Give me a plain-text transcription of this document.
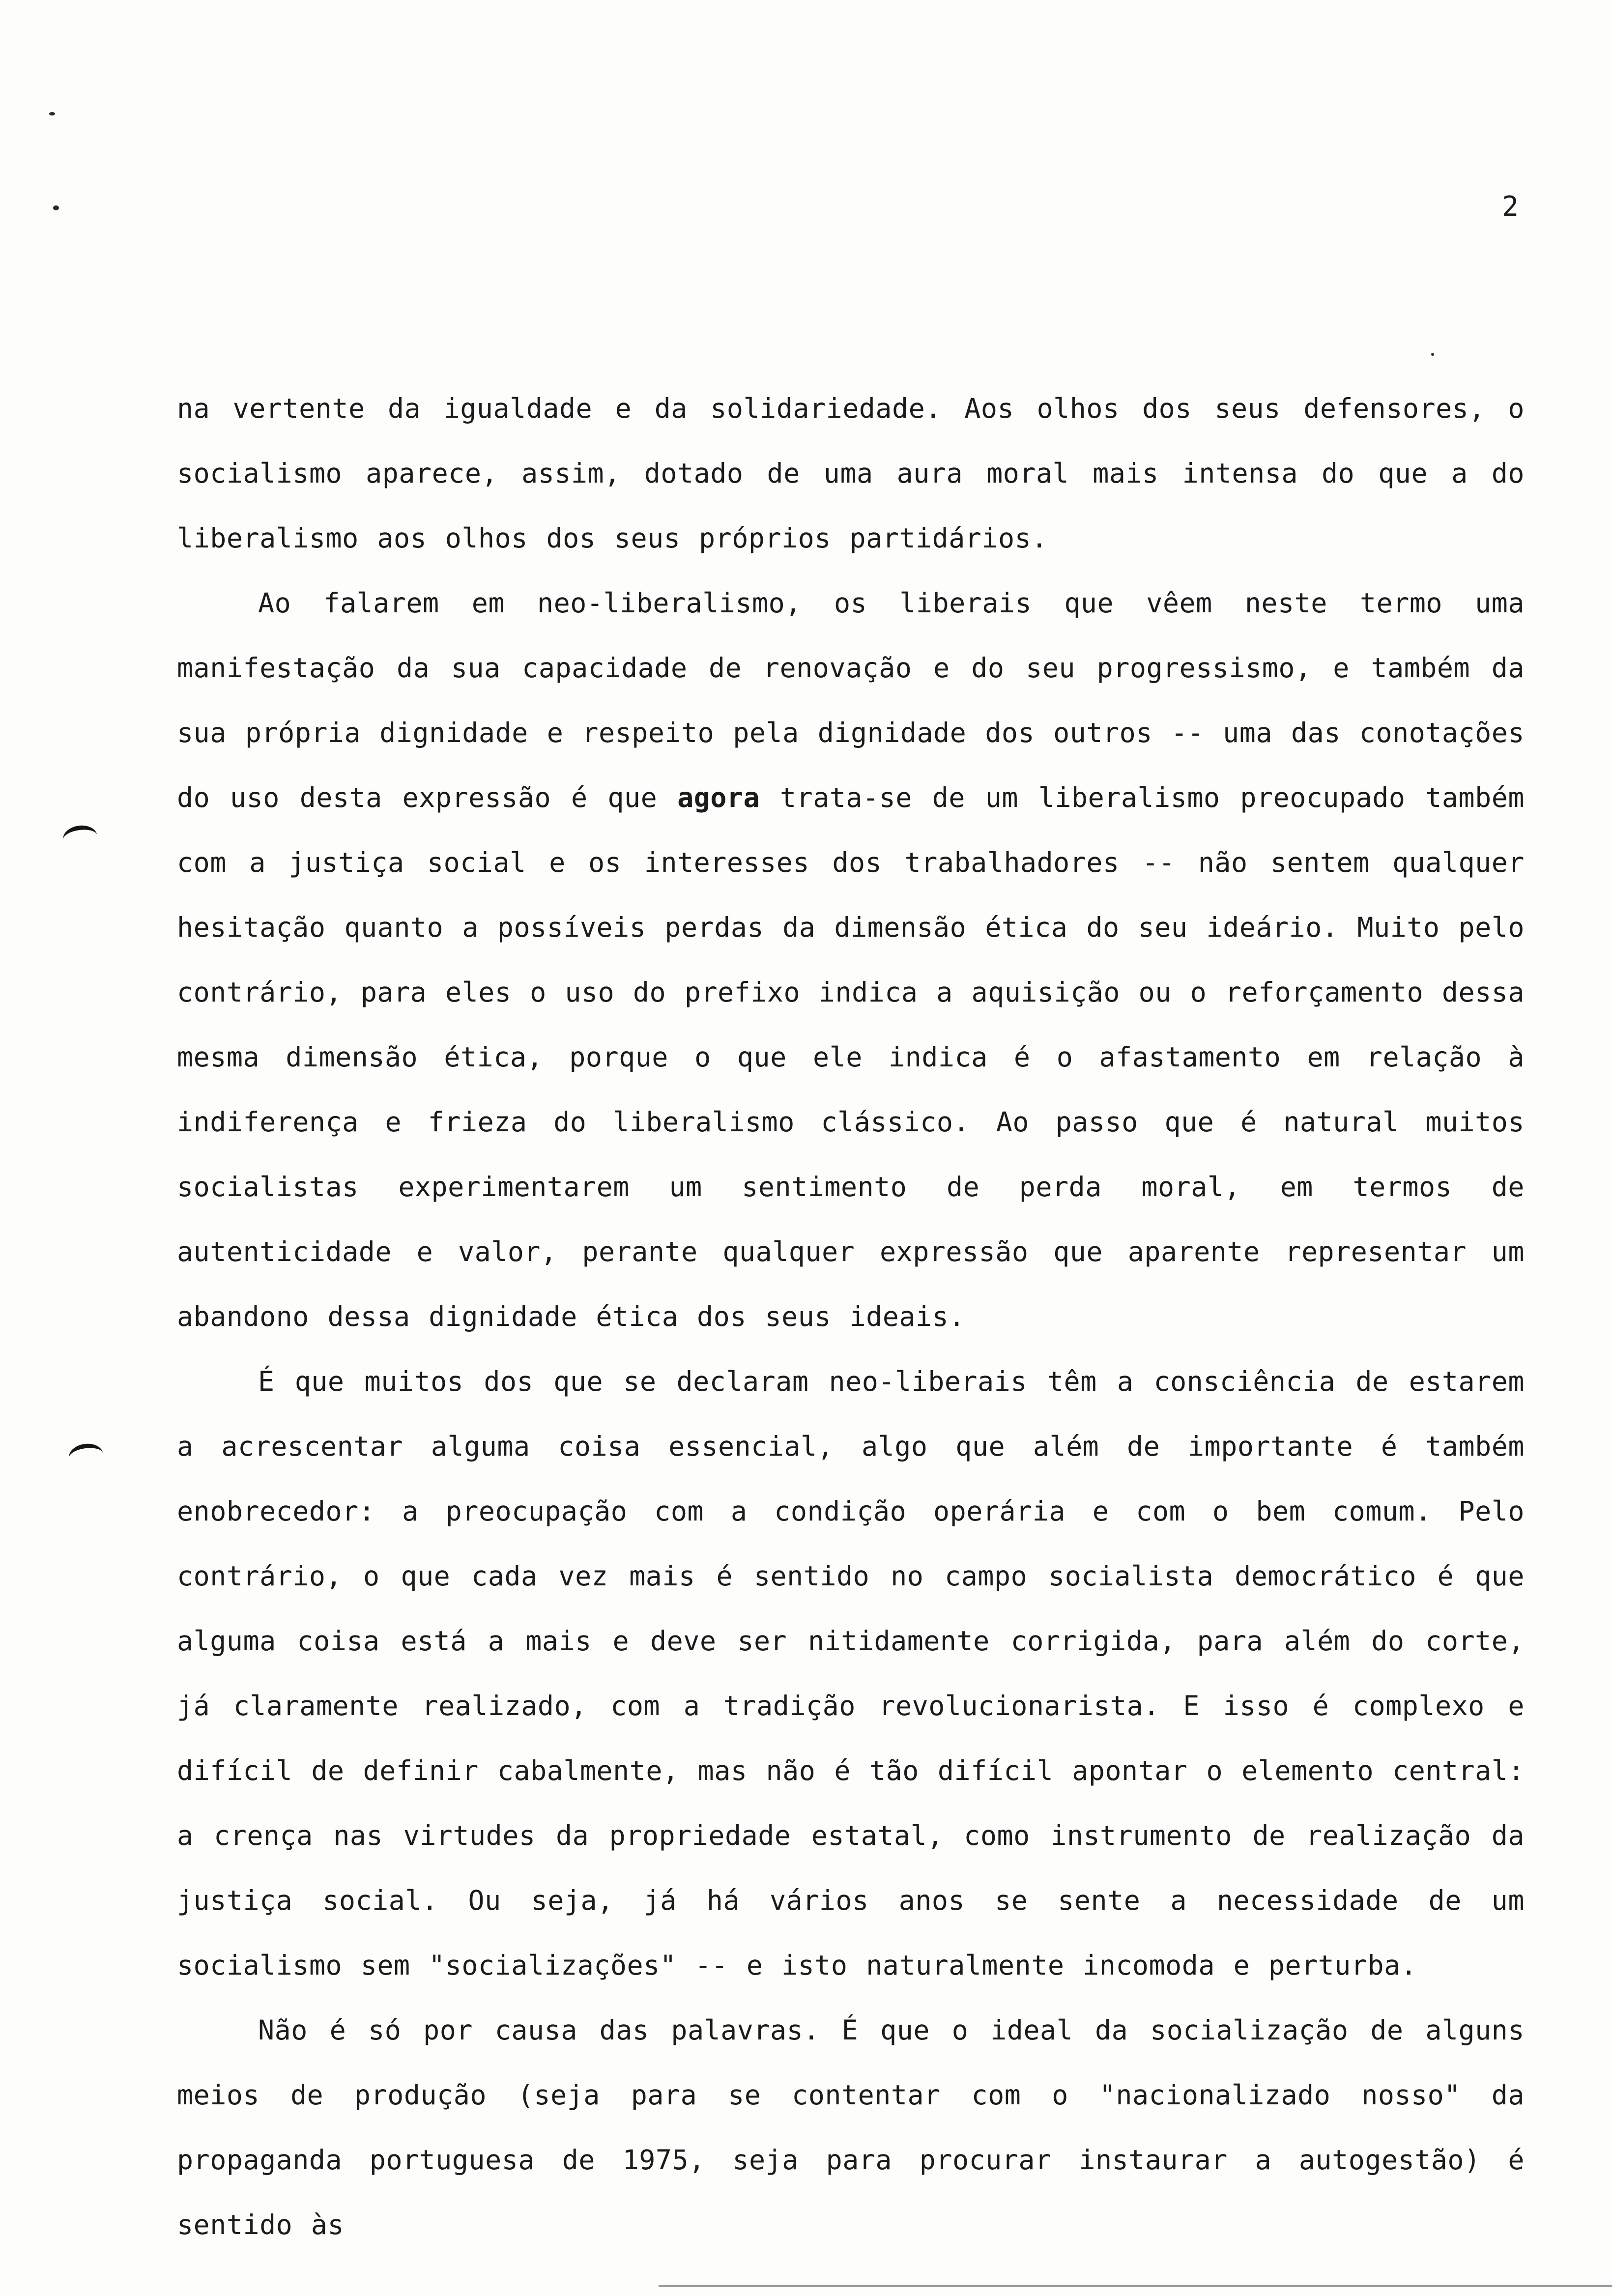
2

na vertente da igualdade e da solidariedade. Aos olhos dos seus defensores, o socialismo aparece, assim, dotado de uma aura moral mais intensa do que a do liberalismo aos olhos dos seus próprios partidários.

Ao falarem em neo-liberalismo, os liberais que vêem neste termo uma manifestação da sua capacidade de renovação e do seu progressismo, e também da sua própria dignidade e respeito pela dignidade dos outros -- uma das conotações do uso desta expressão é que agora trata-se de um liberalismo preocupado também com a justiça social e os interesses dos trabalhadores -- não sentem qualquer hesitação quanto a possíveis perdas da dimensão ética do seu ideário. Muito pelo contrário, para eles o uso do prefixo indica a aquisição ou o reforçamento dessa mesma dimensão ética, porque o que ele indica é o afastamento em relação à indiferença e frieza do liberalismo clássico. Ao passo que é natural muitos socialistas experimentarem um sentimento de perda moral, em termos de autenticidade e valor, perante qualquer expressão que aparente representar um abandono dessa dignidade ética dos seus ideais.

É que muitos dos que se declaram neo-liberais têm a consciência de estarem a acrescentar alguma coisa essencial, algo que além de importante é também enobrecedor: a preocupação com a condição operária e com o bem comum. Pelo contrário, o que cada vez mais é sentido no campo socialista democrático é que alguma coisa está a mais e deve ser nitidamente corrigida, para além do corte, já claramente realizado, com a tradição revolucionarista. E isso é complexo e difícil de definir cabalmente, mas não é tão difícil apontar o elemento central: a crença nas virtudes da propriedade estatal, como instrumento de realização da justiça social. Ou seja, já há vários anos se sente a necessidade de um socialismo sem "socializações" -- e isto naturalmente incomoda e perturba.

Não é só por causa das palavras. É que o ideal da socialização de alguns meios de produção (seja para se contentar com o "nacionalizado nosso" da propaganda portuguesa de 1975, seja para procurar instaurar a autogestão) é sentido às
